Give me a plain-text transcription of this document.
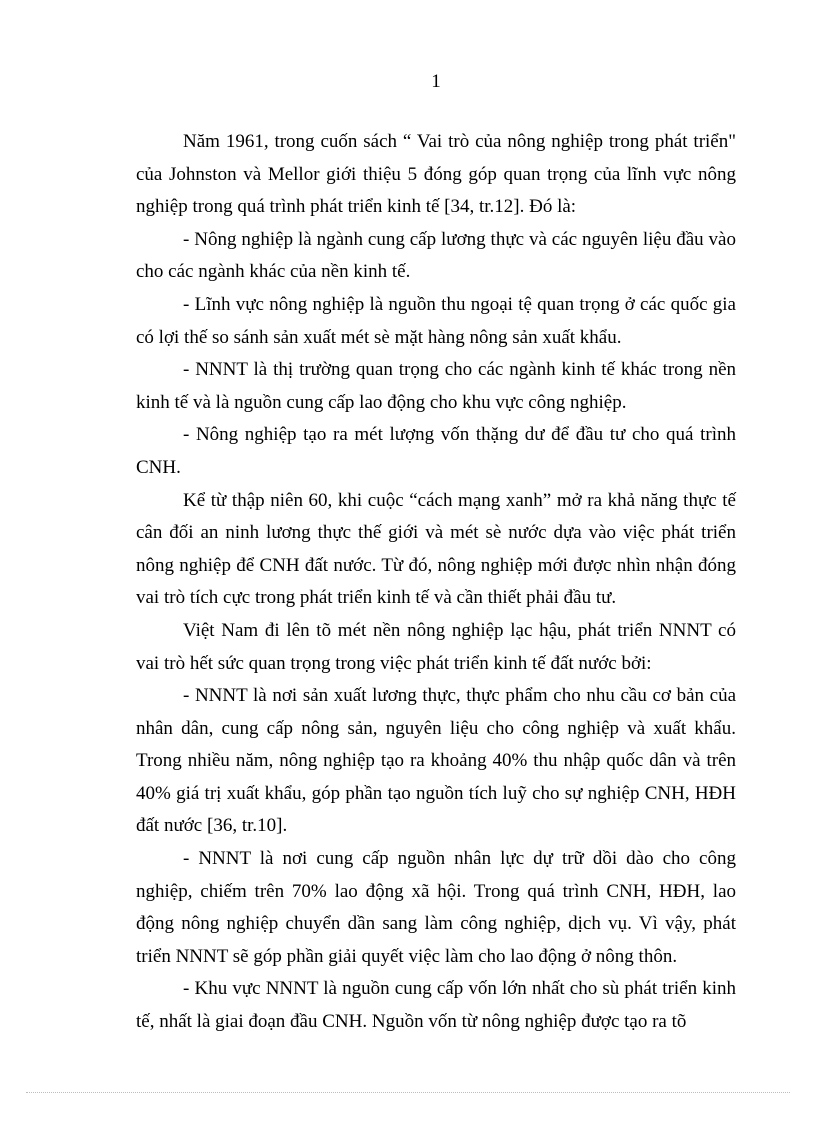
1

Năm 1961, trong cuốn sách “ Vai trò của nông nghiệp trong phát triển" của Johnston và Mellor giới thiệu 5 đóng góp quan trọng của lĩnh vực nông nghiệp trong quá trình phát triển kinh tế [34, tr.12]. Đó là:

- Nông nghiệp là ngành cung cấp lương thực và các nguyên liệu đầu vào cho các ngành khác của nền kinh tế.

- Lĩnh vực nông nghiệp là nguồn thu ngoại tệ quan trọng ở các quốc gia có lợi thế so sánh sản xuất mét sè mặt hàng nông sản xuất khẩu.

- NNNT là thị trường quan trọng cho các ngành kinh tế khác trong nền kinh tế và là nguồn cung cấp lao động cho khu vực công nghiệp.

- Nông nghiệp tạo ra mét lượng vốn thặng dư để đầu tư cho quá trình CNH.

Kể từ thập niên 60, khi cuộc “cách mạng xanh” mở ra khả năng thực tế cân đối an ninh lương thực thế giới và mét sè nước dựa vào việc phát triển nông nghiệp để CNH đất nước. Từ đó, nông nghiệp mới được nhìn nhận đóng vai trò tích cực trong phát triển kinh tế và cần thiết phải đầu tư.

Việt Nam đi lên tõ mét nền nông nghiệp lạc hậu, phát triển NNNT có vai trò hết sức quan trọng trong việc phát triển kinh tế đất nước bởi:

- NNNT là nơi sản xuất lương thực, thực phẩm cho nhu cầu cơ bản của nhân dân, cung cấp nông sản, nguyên liệu cho công nghiệp và xuất khẩu. Trong nhiều năm, nông nghiệp tạo ra khoảng 40% thu nhập quốc dân và trên 40% giá trị xuất khẩu, góp phần tạo nguồn tích luỹ cho sự nghiệp CNH, HĐH đất nước [36, tr.10].

- NNNT là nơi cung cấp nguồn nhân lực dự trữ dồi dào cho công nghiệp, chiếm trên 70% lao động xã hội. Trong quá trình CNH, HĐH, lao động nông nghiệp chuyển dần sang làm công nghiệp, dịch vụ. Vì vậy, phát triển NNNT sẽ góp phần giải quyết việc làm cho lao động ở nông thôn.

- Khu vực NNNT là nguồn cung cấp vốn lớn nhất cho sù phát triển kinh tế, nhất là giai đoạn đầu CNH. Nguồn vốn từ nông nghiệp được tạo ra tõ
